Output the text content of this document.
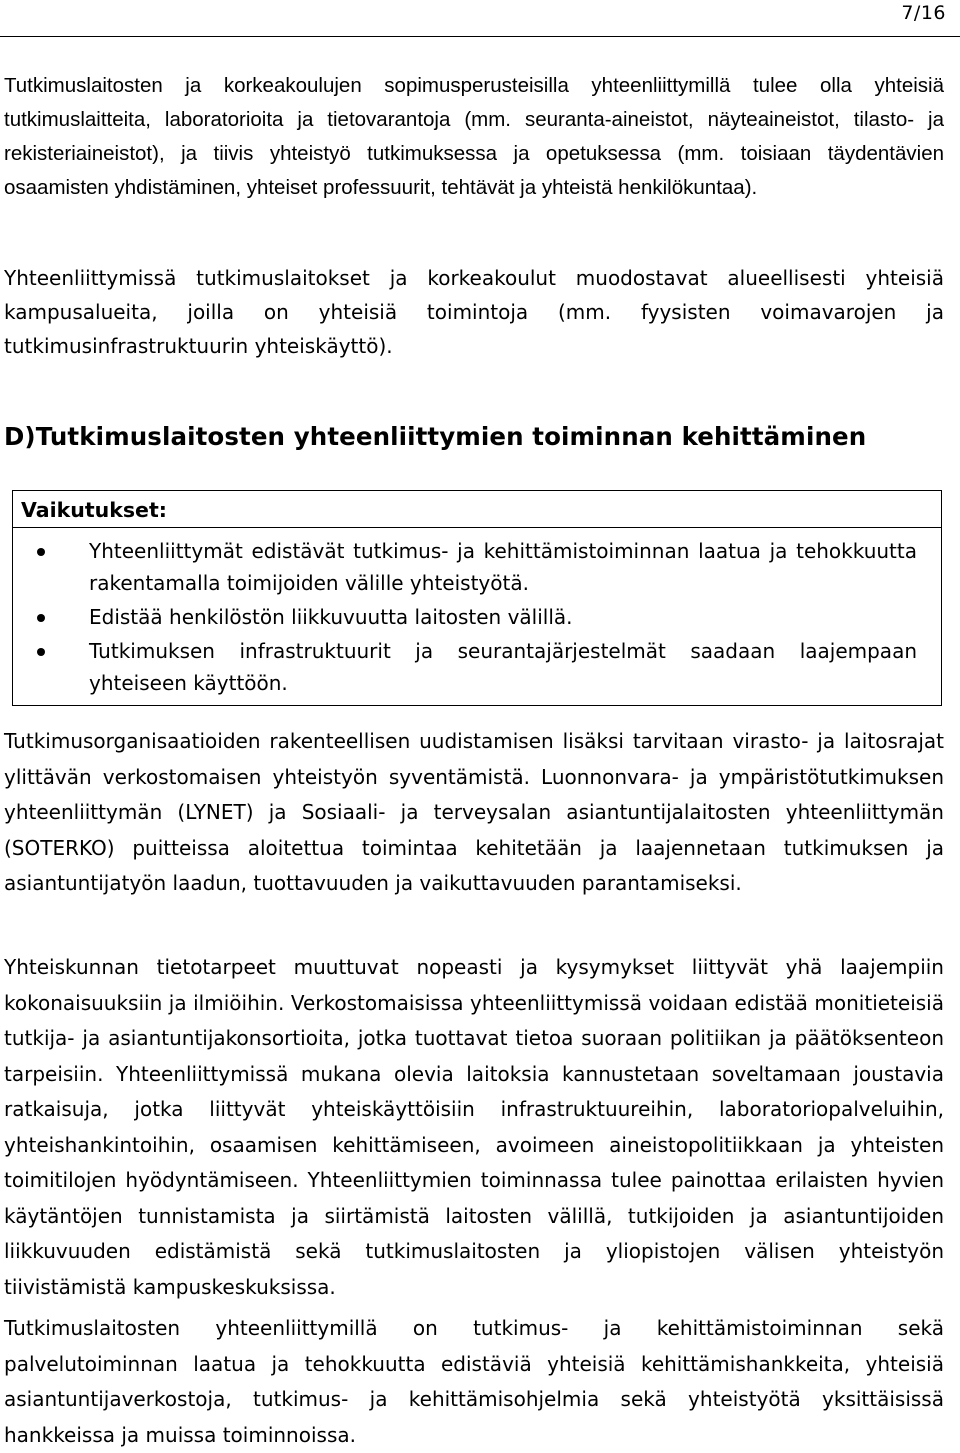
7/16

Tutkimuslaitosten ja korkeakoulujen sopimusperusteisilla yhteenliittymillä tulee olla yhteisiä tutkimuslaitteita, laboratorioita ja tietovarantoja (mm. seuranta-aineistot, näyteaineistot, tilasto- ja rekisteriaineistot), ja tiivis yhteistyö tutkimuksessa ja opetuksessa (mm. toisiaan täydentävien osaamisten yhdistäminen, yhteiset professuurit, tehtävät ja yhteistä henkilökuntaa).

Yhteenliittymissä tutkimuslaitokset ja korkeakoulut muodostavat alueellisesti yhteisiä kampusalueita, joilla on yhteisiä toimintoja (mm. fyysisten voimavarojen ja tutkimusinfrastruktuurin yhteiskäyttö).

D)Tutkimuslaitosten yhteenliittymien toiminnan kehittäminen
Vaikutukset:
Yhteenliittymät edistävät tutkimus- ja kehittämistoiminnan laatua ja tehokkuutta rakentamalla toimijoiden välille yhteistyötä.
Edistää henkilöstön liikkuvuutta laitosten välillä.
Tutkimuksen infrastruktuurit ja seurantajärjestelmät saadaan laajempaan yhteiseen käyttöön.

Tutkimusorganisaatioiden rakenteellisen uudistamisen lisäksi tarvitaan virasto- ja laitosrajat ylittävän verkostomaisen yhteistyön syventämistä. Luonnonvara- ja ympäristötutkimuksen yhteenliittymän (LYNET) ja Sosiaali- ja terveysalan asiantuntijalaitosten yhteenliittymän (SOTERKO) puitteissa aloitettua toimintaa kehitetään ja laajennetaan tutkimuksen ja asiantuntijatyön laadun, tuottavuuden ja vaikuttavuuden parantamiseksi.

Yhteiskunnan tietotarpeet muuttuvat nopeasti ja kysymykset liittyvät yhä laajempiin kokonaisuuksiin ja ilmiöihin. Verkostomaisissa yhteenliittymissä voidaan edistää monitieteisiä tutkija- ja asiantuntijakonsortioita, jotka tuottavat tietoa suoraan politiikan ja päätöksenteon tarpeisiin. Yhteenliittymissä mukana olevia laitoksia kannustetaan soveltamaan joustavia ratkaisuja, jotka liittyvät yhteiskäyttöisiin infrastruktuureihin, laboratoriopalveluihin, yhteishankintoihin, osaamisen kehittämiseen, avoimeen aineistopolitiikkaan ja yhteisten toimitilojen hyödyntämiseen. Yhteenliittymien toiminnassa tulee painottaa erilaisten hyvien käytäntöjen tunnistamista ja siirtämistä laitosten välillä, tutkijoiden ja asiantuntijoiden liikkuvuuden edistämistä sekä tutkimuslaitosten ja yliopistojen välisen yhteistyön tiivistämistä kampuskeskuksissa.

Tutkimuslaitosten yhteenliittymillä on tutkimus- ja kehittämistoiminnan sekä palvelutoiminnan laatua ja tehokkuutta edistäviä yhteisiä kehittämishankkeita, yhteisiä asiantuntijaverkostoja, tutkimus- ja kehittämisohjelmia sekä yhteistyötä yksittäisissä hankkeissa ja muissa toiminnoissa.
